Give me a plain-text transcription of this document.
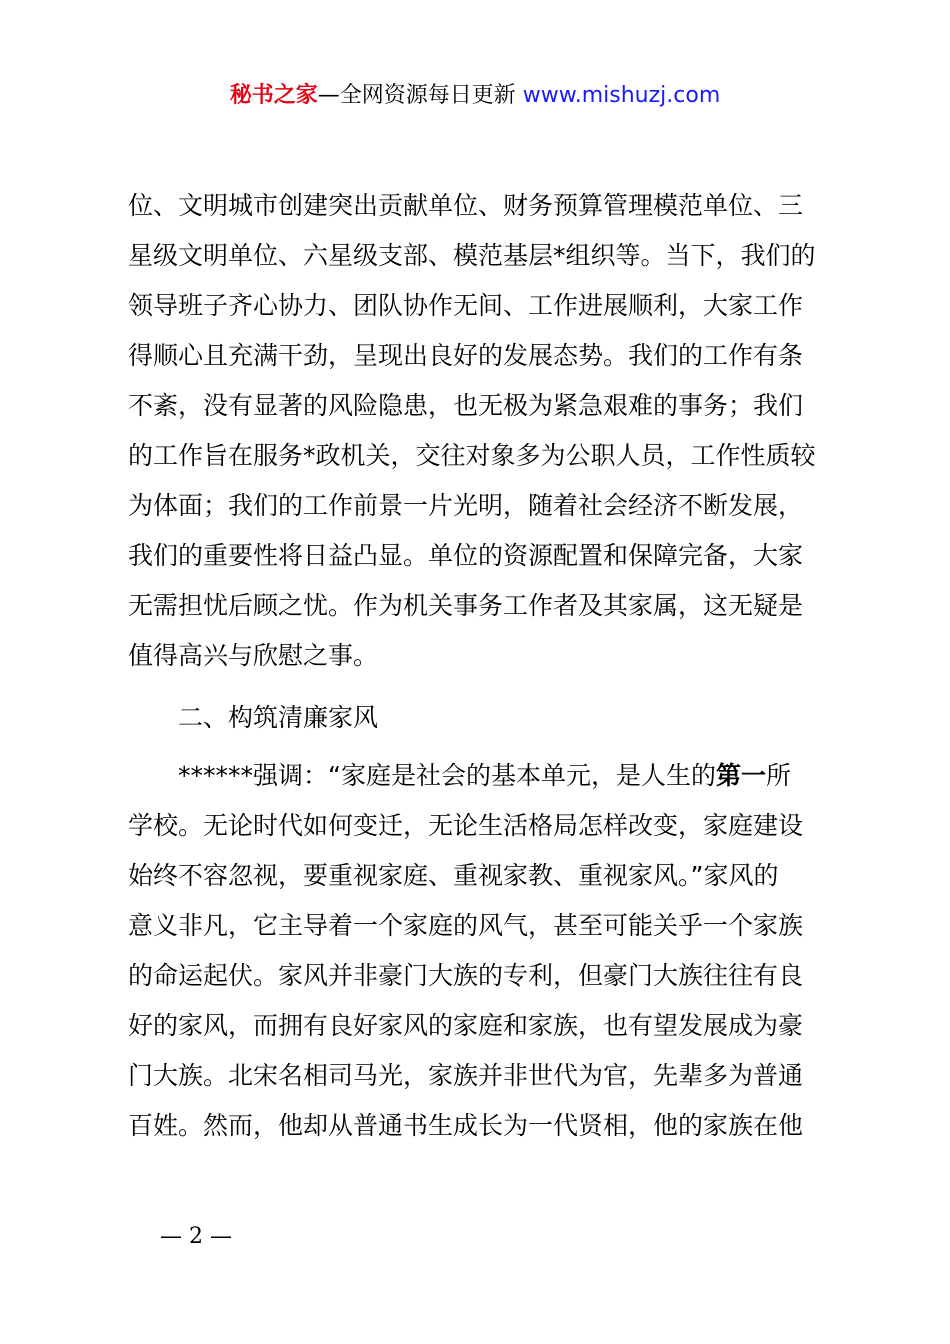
秘书之家—全网资源每日更新 www.mishuzj.com
位、文明城市创建突出贡献单位、财务预算管理模范单位、三
星级文明单位、六星级支部、模范基层*组织等。当下，我们的
领导班子齐心协力、团队协作无间、工作进展顺利，大家工作
得顺心且充满干劲，呈现出良好的发展态势。我们的工作有条
不紊，没有显著的风险隐患，也无极为紧急艰难的事务；我们
的工作旨在服务*政机关，交往对象多为公职人员，工作性质较
为体面；我们的工作前景一片光明，随着社会经济不断发展，
我们的重要性将日益凸显。单位的资源配置和保障完备，大家
无需担忧后顾之忧。作为机关事务工作者及其家属，这无疑是
值得高兴与欣慰之事。
二、构筑清廉家风
******强调：“家庭是社会的基本单元，是人生的第一所
学校。无论时代如何变迁，无论生活格局怎样改变，家庭建设
始终不容忽视，要重视家庭、重视家教、重视家风。”家风的
意义非凡，它主导着一个家庭的风气，甚至可能关乎一个家族
的命运起伏。家风并非豪门大族的专利，但豪门大族往往有良
好的家风，而拥有良好家风的家庭和家族，也有望发展成为豪
门大族。北宋名相司马光，家族并非世代为官，先辈多为普通
百姓。然而，他却从普通书生成长为一代贤相，他的家族在他
— 2 —
